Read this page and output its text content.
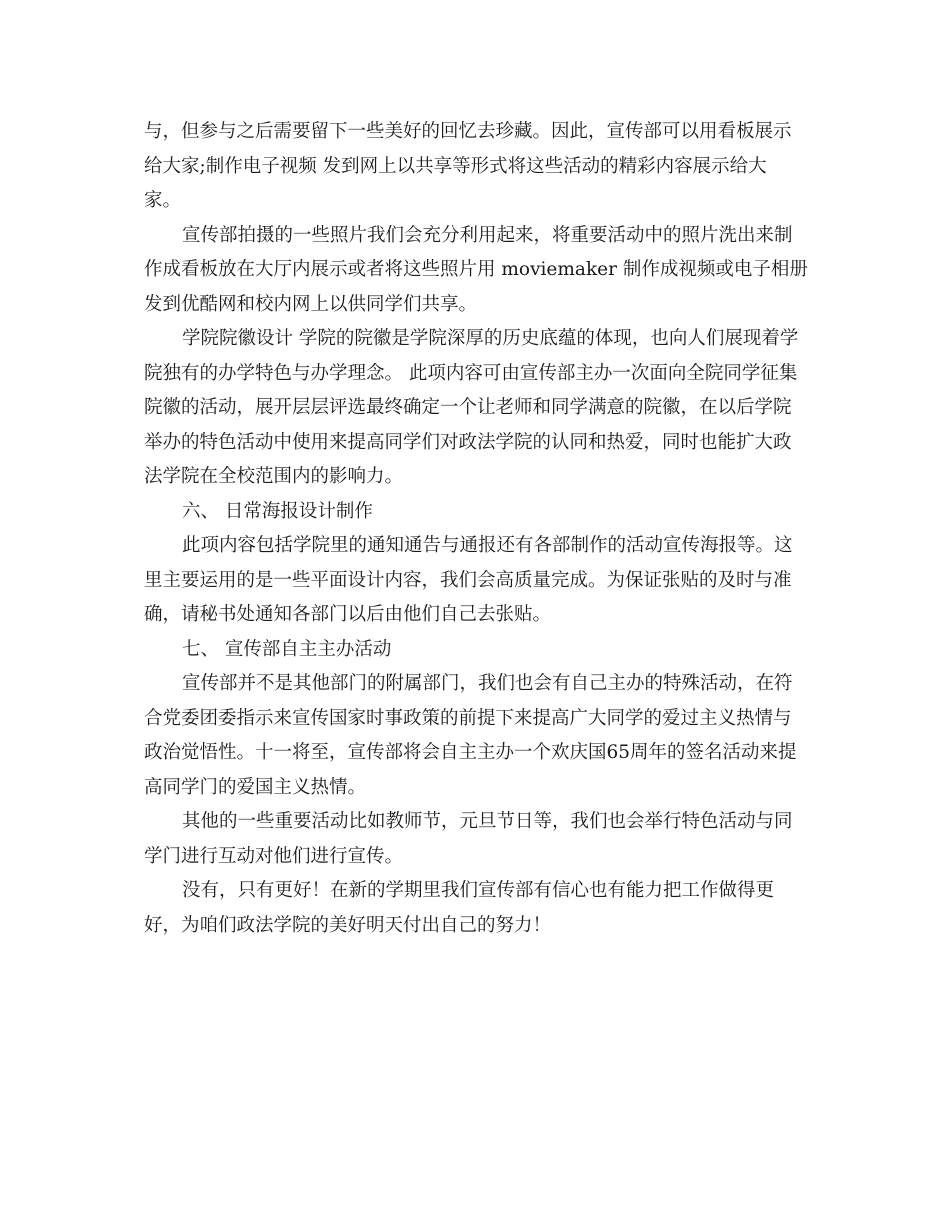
与，但参与之后需要留下一些美好的回忆去珍藏。因此，宣传部可以用看板展示
给大家;制作电子视频 发到网上以共享等形式将这些活动的精彩内容展示给大
家。
宣传部拍摄的一些照片我们会充分利用起来，将重要活动中的照片洗出来制
作成看板放在大厅内展示或者将这些照片用 moviemaker 制作成视频或电子相册
发到优酷网和校内网上以供同学们共享。
学院院徽设计 学院的院徽是学院深厚的历史底蕴的体现，也向人们展现着学
院独有的办学特色与办学理念。 此项内容可由宣传部主办一次面向全院同学征集
院徽的活动，展开层层评选最终确定一个让老师和同学满意的院徽，在以后学院
举办的特色活动中使用来提高同学们对政法学院的认同和热爱，同时也能扩大政
法学院在全校范围内的影响力。
六、 日常海报设计制作
此项内容包括学院里的通知通告与通报还有各部制作的活动宣传海报等。这
里主要运用的是一些平面设计内容，我们会高质量完成。为保证张贴的及时与准
确，请秘书处通知各部门以后由他们自己去张贴。
七、 宣传部自主主办活动
宣传部并不是其他部门的附属部门，我们也会有自己主办的特殊活动，在符
合党委团委指示来宣传国家时事政策的前提下来提高广大同学的爱过主义热情与
政治觉悟性。十一将至，宣传部将会自主主办一个欢庆国65周年的签名活动来提
高同学门的爱国主义热情。
其他的一些重要活动比如教师节，元旦节日等，我们也会举行特色活动与同
学门进行互动对他们进行宣传。
没有，只有更好！在新的学期里我们宣传部有信心也有能力把工作做得更
好，为咱们政法学院的美好明天付出自己的努力！
